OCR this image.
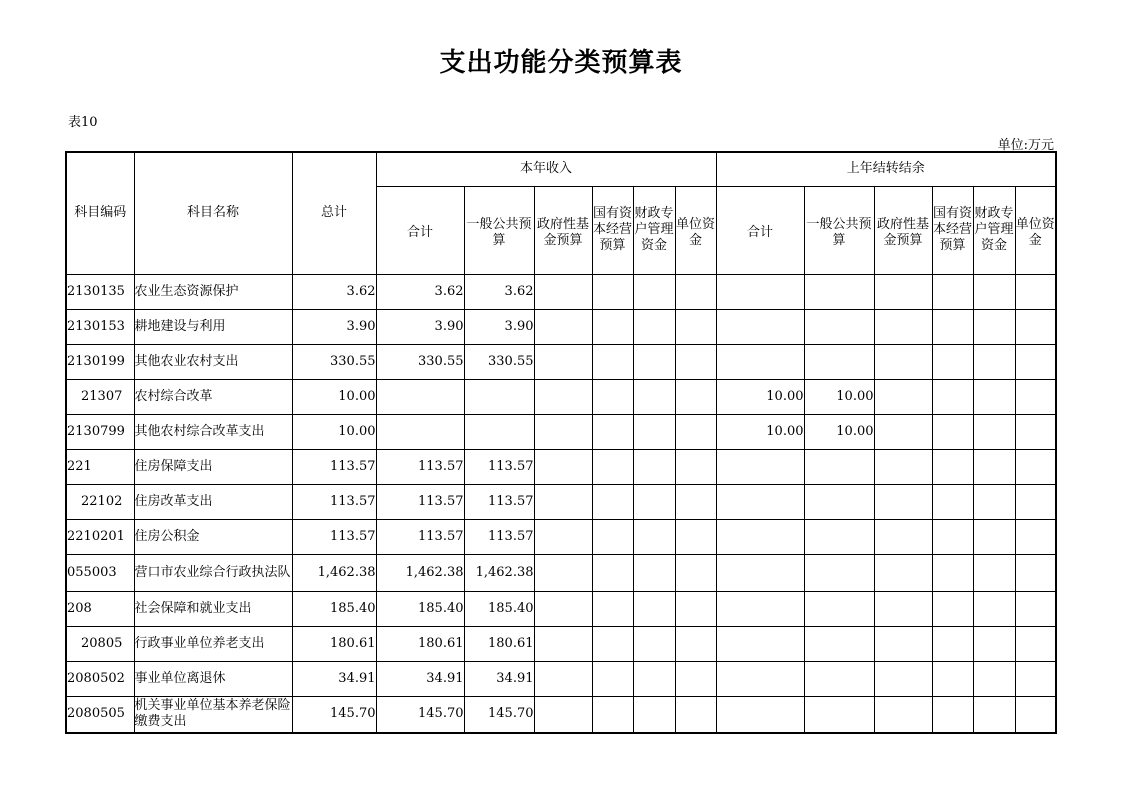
支出功能分类预算表
表10
单位:万元
科目编码	科目名称	总计	本年收入						上年结转结余					

			合计	一般公共预算	政府性基金预算	国有资本经营预算	财政专户管理资金	单位资金	合计	一般公共预算	政府性基金预算	国有资本经营预算	财政专户管理资金	单位资金

2130135	农业生态资源保护	3.62	3.62	3.62										
2130153	耕地建设与利用	3.90	3.90	3.90										
2130199	其他农业农村支出	330.55	330.55	330.55										
21307	农村综合改革	10.00							10.00	10.00				
2130799	其他农村综合改革支出	10.00							10.00	10.00				
221	住房保障支出	113.57	113.57	113.57										
22102	住房改革支出	113.57	113.57	113.57										
2210201	住房公积金	113.57	113.57	113.57										
055003	营口市农业综合行政执法队	1,462.38	1,462.38	1,462.38										
208	社会保障和就业支出	185.40	185.40	185.40										
20805	行政事业单位养老支出	180.61	180.61	180.61										
2080502	事业单位离退休	34.91	34.91	34.91										
2080505	机关事业单位基本养老保险缴费支出	145.70	145.70	145.70										
